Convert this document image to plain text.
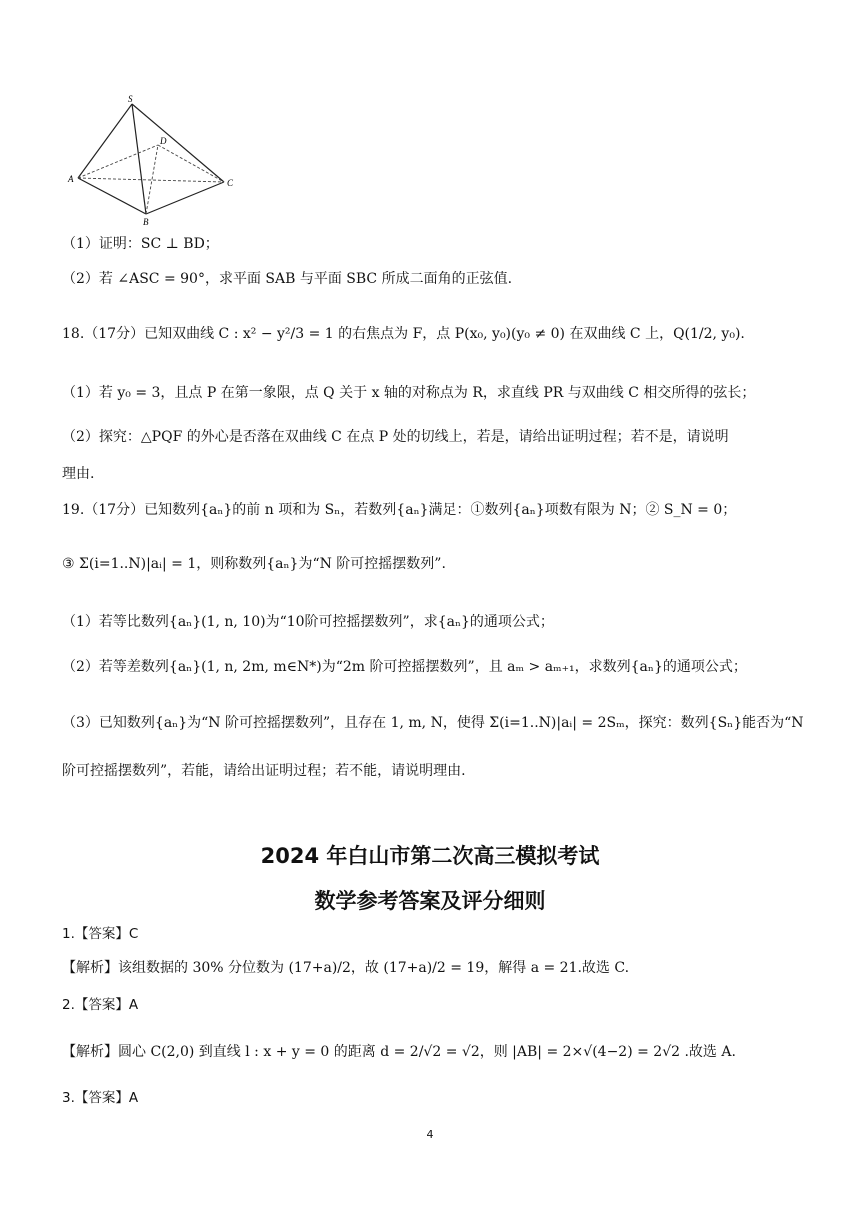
S
D
A	C
B
（1）证明：SC ⊥ BD；
（2）若 ∠ASC = 90°，求平面 SAB 与平面 SBC 所成二面角的正弦值.
18.（17分）已知双曲线 C : x² − y²/3 = 1 的右焦点为 F，点 P(x₀, y₀)(y₀ ≠ 0) 在双曲线 C 上，Q(1/2, y₀).
（1）若 y₀ = 3，且点 P 在第一象限，点 Q 关于 x 轴的对称点为 R，求直线 PR 与双曲线 C 相交所得的弦长；
（2）探究：△PQF 的外心是否落在双曲线 C 在点 P 处的切线上，若是，请给出证明过程；若不是，请说明
理由.
19.（17分）已知数列{aₙ}的前 n 项和为 Sₙ，若数列{aₙ}满足：①数列{aₙ}项数有限为 N；② S_N = 0；
③ Σ(i=1..N)|aᵢ| = 1，则称数列{aₙ}为“N 阶可控摇摆数列”.
（1）若等比数列{aₙ}(1, n, 10)为“10阶可控摇摆数列”，求{aₙ}的通项公式；
（2）若等差数列{aₙ}(1, n, 2m, m∈N*)为“2m 阶可控摇摆数列”，且 aₘ > aₘ₊₁，求数列{aₙ}的通项公式；
（3）已知数列{aₙ}为“N 阶可控摇摆数列”，且存在 1, m, N，使得 Σ(i=1..N)|aᵢ| = 2Sₘ，探究：数列{Sₙ}能否为“N
阶可控摇摆数列”，若能，请给出证明过程；若不能，请说明理由.
2024 年白山市第二次高三模拟考试
数学参考答案及评分细则
1.【答案】C
【解析】该组数据的 30% 分位数为 (17+a)/2，故 (17+a)/2 = 19，解得 a = 21.故选 C.
2.【答案】A
【解析】圆心 C(2,0) 到直线 l : x + y = 0 的距离 d = 2/√2 = √2，则 |AB| = 2×√(4−2) = 2√2 .故选 A.
3.【答案】A
4
